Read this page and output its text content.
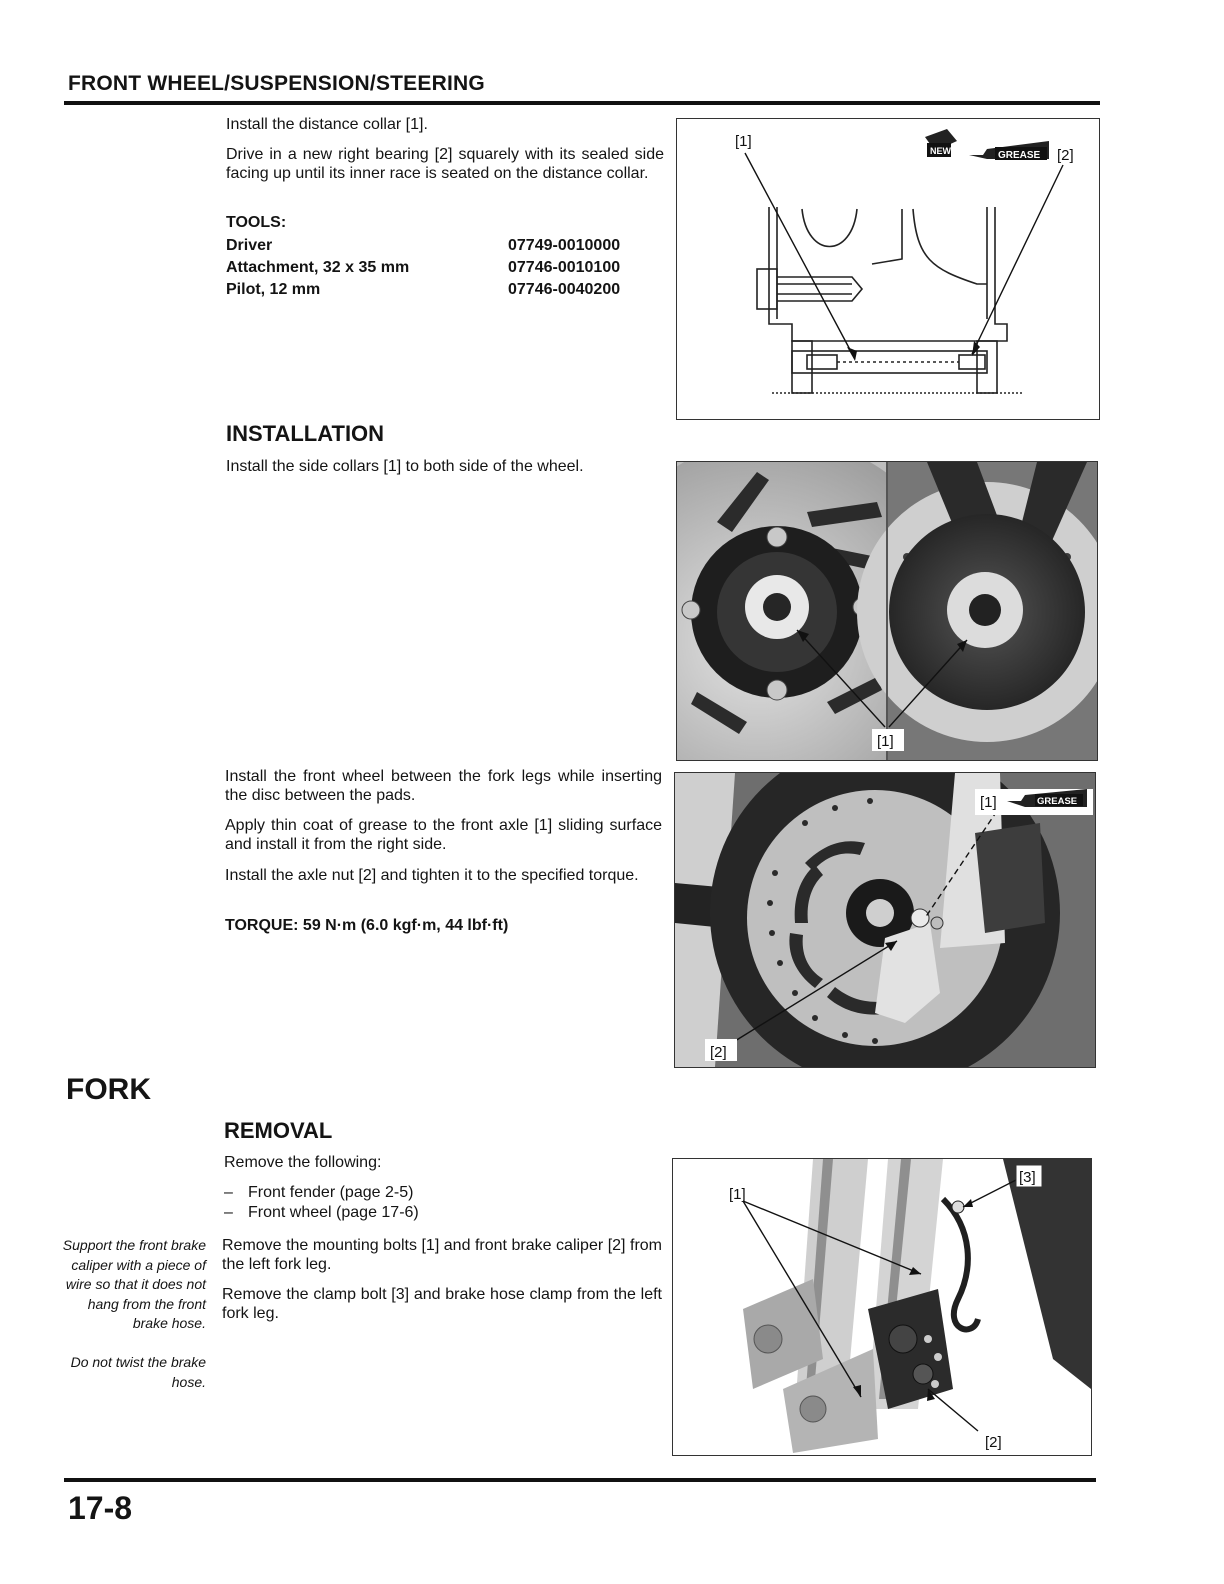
FRONT WHEEL/SUSPENSION/STEERING
Install the distance collar [1].
Drive in a new right bearing [2] squarely with its sealed side facing up until its inner race is seated on the distance collar.
TOOLS:
Driver	07749-0010000
Attachment, 32 x 35 mm	07746-0010100
Pilot, 12 mm	07746-0040200
[1]
[2]
NEW	GREASE
INSTALLATION
Install the side collars [1] to both side of the wheel.
[1]
Install the front wheel between the fork legs while inserting the disc between the pads.
Apply thin coat of grease to the front axle [1] sliding surface and install it from the right side.
Install the axle nut [2] and tighten it to the specified torque.
TORQUE: 59 N·m (6.0 kgf·m, 44 lbf·ft)
[2]
[1]	GREASE
FORK
REMOVAL
Remove the following:
– Front fender (page 2-5)
– Front wheel (page 17-6)
Remove the mounting bolts [1] and front brake caliper [2] from the left fork leg.
Remove the clamp bolt [3] and brake hose clamp from the left fork leg.
Support the front brake caliper with a piece of wire so that it does not hang from the front brake hose.
Do not twist the brake hose.
[1]
[3]
[2]
17-8
